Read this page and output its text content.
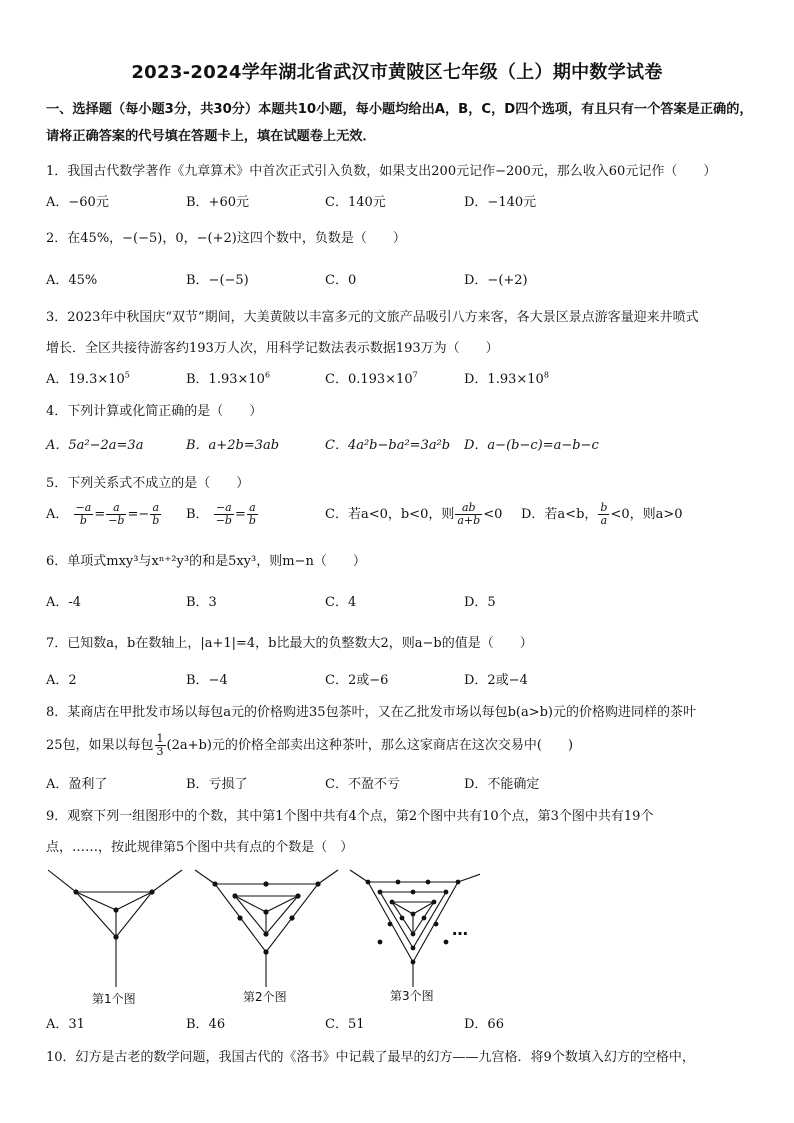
2023-2024学年湖北省武汉市黄陂区七年级（上）期中数学试卷
一、选择题（每小题3分，共30分）本题共10小题，每小题均给出A，B，C，D四个选项，有且只有一个答案是正确的，请将正确答案的代号填在答题卡上，填在试题卷上无效．
1．我国古代数学著作《九章算术》中首次正式引入负数，如果支出200元记作−200元，那么收入60元记作（　　）
A．−60元	B．+60元	C．140元	D．−140元
2．在45%，−(−5)，0，−(+2)这四个数中，负数是（　　）
A．45%	B．−(−5)	C．0	D．−(+2)
3．2023年中秋国庆“双节”期间，大美黄陂以丰富多元的文旅产品吸引八方来客，各大景区景点游客量迎来井喷式
增长．全区共接待游客约193万人次，用科学记数法表示数据193万为（　　）
A．$19.3\times 10^5$	B．$1.93\times 10^6$	C．$0.193\times 10^7$	D．$1.93\times 10^8$
4．下列计算或化简正确的是（　　）
A．5a²−2a=3a	B．a+2b=3ab	C．4a²b−ba²=3a²b D．a−(b−c)=a−b−c
5．下列关系式不成立的是（　　）
A． $\frac{-a}{b} = \frac{a}{-b} =- \frac{a}{b}$ B． $\frac{-a}{-b} = \frac{a}{b}$	C．若a<0，b<0，则 $\frac{ab}{a+b} <0$ D．若a<b， $\frac{b}{a} <0$，则a>0
6．单项式mxy³与xⁿ⁺²y³的和是5xy³，则m−n（　　）
A．-4	B．3	C．4	D．5
7．已知数a，b在数轴上，|a+1|=4，b比最大的负整数大2，则a−b的值是（　　）
A．2	B．−4	C．2或−6	D．2或−4
8．某商店在甲批发市场以每包a元的价格购进35包茶叶，又在乙批发市场以每包b(a>b)元的价格购进同样的茶叶
25包，如果以每包 $\frac{1}{3} (2a+b)$元的价格全部卖出这种茶叶，那么这家商店在这次交易中(　　)
A．盈利了	B．亏损了	C．不盈不亏	D．不能确定
9．观察下列一组图形中的个数，其中第1个图中共有4个点，第2个图中共有10个点，第3个图中共有19个
点，……，按此规律第5个图中共有点的个数是（　）
第1个图	第2个图	第3个图
…
A．31	B．46	C．51	D．66
10．幻方是古老的数学问题，我国古代的《洛书》中记载了最早的幻方——九宫格．将9个数填入幻方的空格中，
